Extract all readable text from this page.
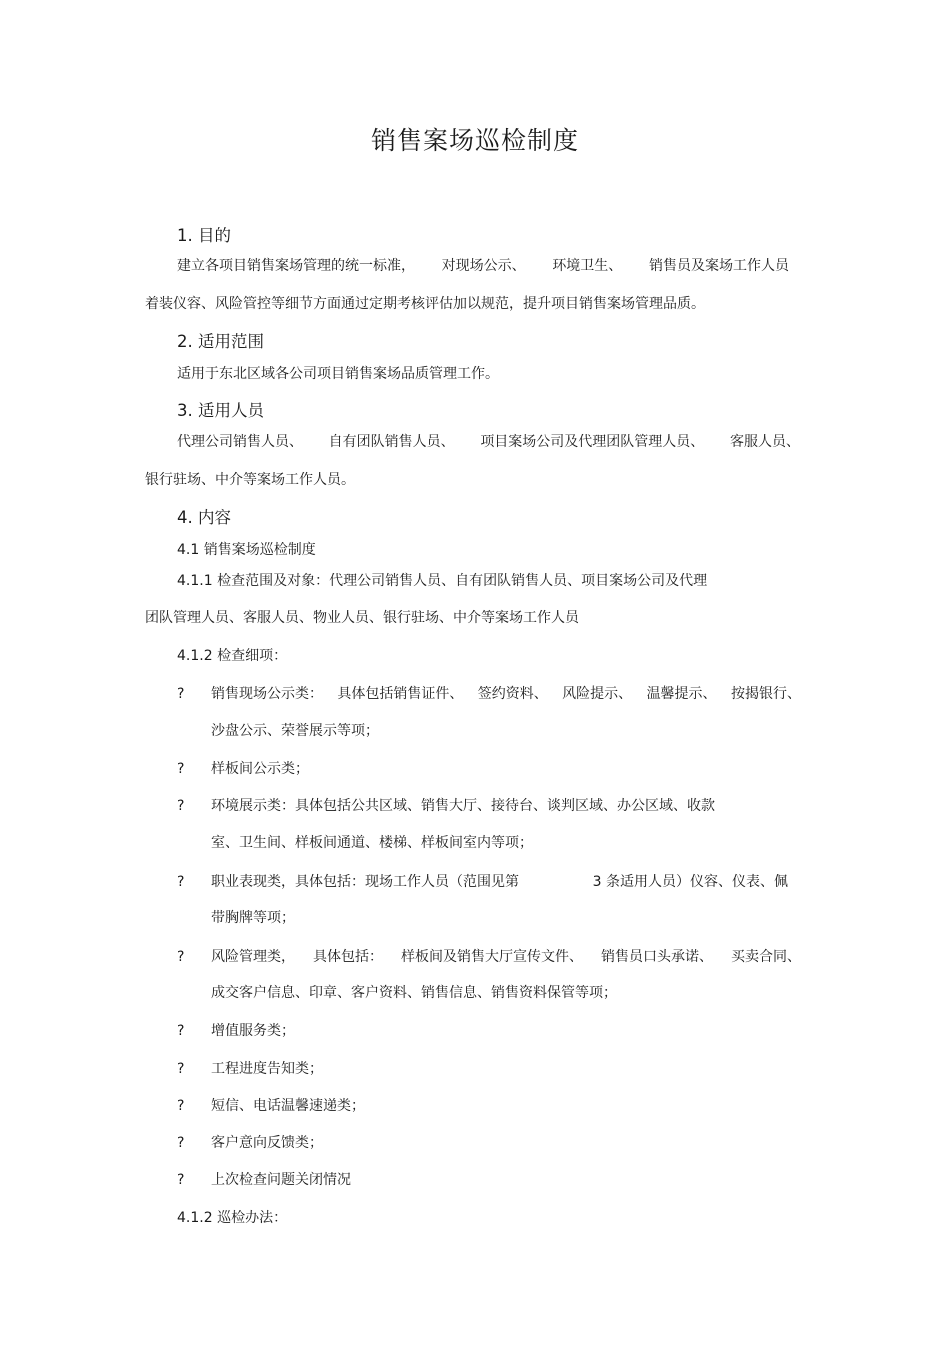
销售案场巡检制度
1. 目的
建立各项目销售案场管理的统一标准， 对现场公示、 环境卫生、 销售员及案场工作人员
着装仪容、风险管控等细节方面通过定期考核评估加以规范，提升项目销售案场管理品质。
2. 适用范围
适用于东北区域各公司项目销售案场品质管理工作。
3. 适用人员
代理公司销售人员、 自有团队销售人员、 项目案场公司及代理团队管理人员、 客服人员、
银行驻场、中介等案场工作人员。
4. 内容
4.1 销售案场巡检制度
4.1.1 检查范围及对象：代理公司销售人员、自有团队销售人员、项目案场公司及代理
团队管理人员、客服人员、物业人员、银行驻场、中介等案场工作人员
4.1.2 检查细项：
? 销售现场公示类： 具体包括销售证件、 签约资料、 风险提示、 温馨提示、 按揭银行、
沙盘公示、荣誉展示等项；
? 样板间公示类；
? 环境展示类：具体包括公共区域、销售大厅、接待台、谈判区域、办公区域、收款
室、卫生间、样板间通道、楼梯、样板间室内等项；
? 职业表现类，具体包括：现场工作人员（范围见第	3 条适用人员）仪容、仪表、佩
带胸牌等项；
? 风险管理类， 具体包括： 样板间及销售大厅宣传文件、 销售员口头承诺、 买卖合同、
成交客户信息、印章、客户资料、销售信息、销售资料保管等项；
? 增值服务类；
? 工程进度告知类；
? 短信、电话温馨速递类；
? 客户意向反馈类；
? 上次检查问题关闭情况
4.1.2 巡检办法：
